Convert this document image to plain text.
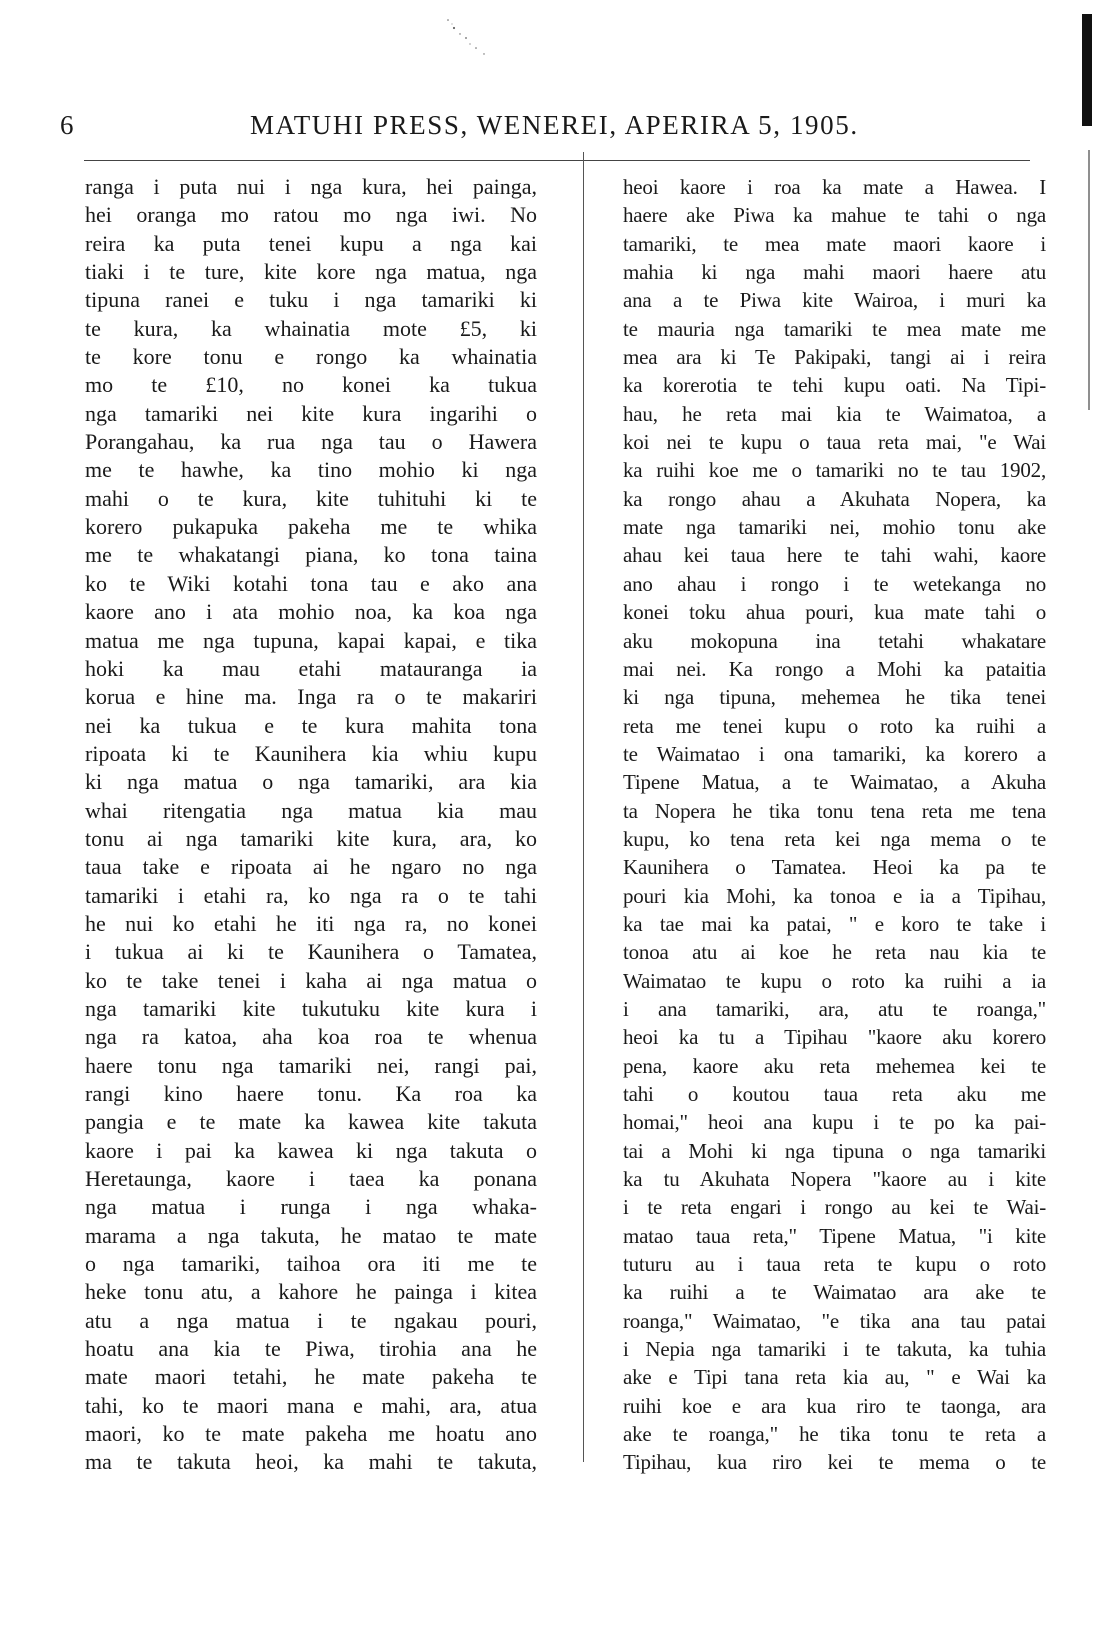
6	MATUHI PRESS, WENEREI, APERIRA 5, 1905.
ranga i puta nui i nga kura, hei painga,
hei oranga mo ratou mo nga iwi. No
reira ka puta tenei kupu a nga kai
tiaki i te ture, kite kore nga matua, nga
tipuna ranei e tuku i nga tamariki ki
te kura, ka whainatia mote £5, ki
te kore tonu e rongo ka whainatia
mo te £10, no konei ka tukua
nga tamariki nei kite kura ingarihi o
Porangahau, ka rua nga tau o Hawera
me te hawhe, ka tino mohio ki nga
mahi o te kura, kite tuhituhi ki te
korero pukapuka pakeha me te whika
me te whakatangi piana, ko tona taina
ko te Wiki kotahi tona tau e ako ana
kaore ano i ata mohio noa, ka koa nga
matua me nga tupuna, kapai kapai, e tika
hoki ka mau etahi matauranga ia
korua e hine ma. Inga ra o te makariri
nei ka tukua e te kura mahita tona
ripoata ki te Kaunihera kia whiu kupu
ki nga matua o nga tamariki, ara kia
whai ritengatia nga matua kia mau
tonu ai nga tamariki kite kura, ara, ko
taua take e ripoata ai he ngaro no nga
tamariki i etahi ra, ko nga ra o te tahi
he nui ko etahi he iti nga ra, no konei
i tukua ai ki te Kaunihera o Tamatea,
ko te take tenei i kaha ai nga matua o
nga tamariki kite tukutuku kite kura i
nga ra katoa, aha koa roa te whenua
haere tonu nga tamariki nei, rangi pai,
rangi kino haere tonu. Ka roa ka
pangia e te mate ka kawea kite takuta
kaore i pai ka kawea ki nga takuta o
Heretaunga, kaore i taea ka ponana
nga matua i runga i nga whaka-
marama a nga takuta, he matao te mate
o nga tamariki, taihoa ora iti me te
heke tonu atu, a kahore he painga i kitea
atu a nga matua i te ngakau pouri,
hoatu ana kia te Piwa, tirohia ana he
mate maori tetahi, he mate pakeha te
tahi, ko te maori mana e mahi, ara, atua
maori, ko te mate pakeha me hoatu ano
ma te takuta heoi, ka mahi te takuta,
heoi kaore i roa ka mate a Hawea. I
haere ake Piwa ka mahue te tahi o nga
tamariki, te mea mate maori kaore i
mahia ki nga mahi maori haere atu
ana a te Piwa kite Wairoa, i muri ka
te mauria nga tamariki te mea mate me
mea ara ki Te Pakipaki, tangi ai i reira
ka korerotia te tehi kupu oati. Na Tipi-
hau, he reta mai kia te Waimatoa, a
koi nei te kupu o taua reta mai, "e Wai
ka ruihi koe me o tamariki no te tau 1902,
ka rongo ahau a Akuhata Nopera, ka
mate nga tamariki nei, mohio tonu ake
ahau kei taua here te tahi wahi, kaore
ano ahau i rongo i te wetekanga no
konei toku ahua pouri, kua mate tahi o
aku mokopuna ina tetahi whakatare
mai nei. Ka rongo a Mohi ka pataitia
ki nga tipuna, mehemea he tika tenei
reta me tenei kupu o roto ka ruihi a
te Waimatao i ona tamariki, ka korero a
Tipene Matua, a te Waimatao, a Akuha
ta Nopera he tika tonu tena reta me tena
kupu, ko tena reta kei nga mema o te
Kaunihera o Tamatea. Heoi ka pa te
pouri kia Mohi, ka tonoa e ia a Tipihau,
ka tae mai ka patai, " e koro te take i
tonoa atu ai koe he reta nau kia te
Waimatao te kupu o roto ka ruihi a ia
i ana tamariki, ara, atu te roanga,"
heoi ka tu a Tipihau "kaore aku korero
pena, kaore aku reta mehemea kei te
tahi o koutou taua reta aku me
homai," heoi ana kupu i te po ka pai-
tai a Mohi ki nga tipuna o nga tamariki
ka tu Akuhata Nopera "kaore au i kite
i te reta engari i rongo au kei te Wai-
matao taua reta," Tipene Matua, "i kite
tuturu au i taua reta te kupu o roto
ka ruihi a te Waimatao ara ake te
roanga," Waimatao, "e tika ana tau patai
i Nepia nga tamariki i te takuta, ka tuhia
ake e Tipi tana reta kia au, " e Wai ka
ruihi koe e ara kua riro te taonga, ara
ake te roanga," he tika tonu te reta a
Tipihau, kua riro kei te mema o te
